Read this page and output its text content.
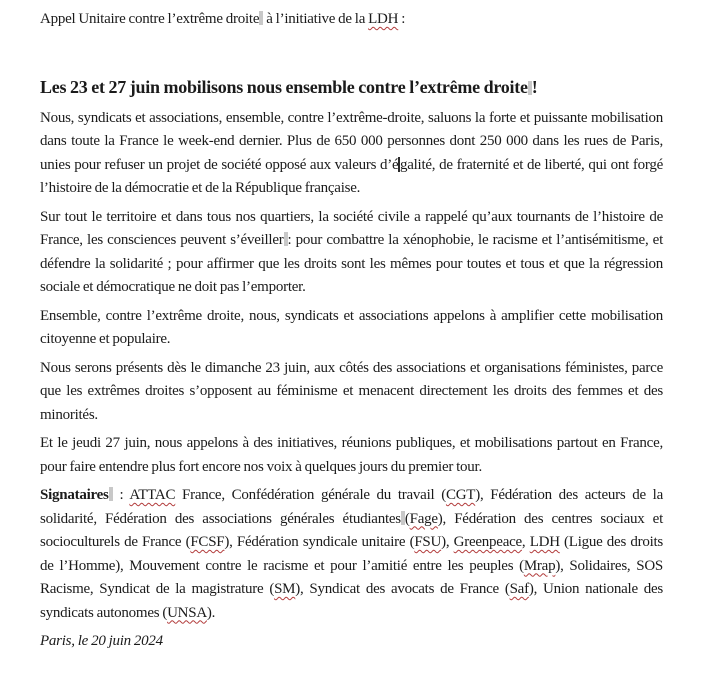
Appel Unitaire contre l’extrême droite à l’initiative de la LDH :

Les 23 et 27 juin mobilisons nous ensemble contre l’extrême droite !

Nous, syndicats et associations, ensemble, contre l’extrême-droite, saluons la forte et puissante mobilisation dans toute la France le week-end dernier. Plus de 650 000 personnes dont 250 000 dans les rues de Paris, unies pour refuser un projet de société opposé aux valeurs d’é galité, de fraternité et de liberté, qui ont forgé l’histoire de la démocratie et de la République française.

Sur tout le territoire et dans tous nos quartiers, la société civile a rappelé qu’aux tournants de l’histoire de France, les consciences peuvent s’éveiller : pour combattre la xénophobie, le racisme et l’antisémitisme, et défendre la solidarité ; pour affirmer que les droits sont les mêmes pour toutes et tous et que la régression sociale et démocratique ne doit pas l’emporter.

Ensemble, contre l’extrême droite, nous, syndicats et associations appelons à amplifier cette mobilisation citoyenne et populaire.

Nous serons présents dès le dimanche 23 juin, aux côtés des associations et organisations féministes, parce que les extrêmes droites s’opposent au féminisme et menacent directement les droits des femmes et des minorités.

Et le jeudi 27 juin, nous appelons à des initiatives, réunions publiques, et mobilisations partout en France, pour faire entendre plus fort encore nos voix à quelques jours du premier tour.

Signataires : ATTAC France, Confédération générale du travail (CGT), Fédération des acteurs de la solidarité, Fédération des associations générales étudiantes (Fage), Fédération des centres sociaux et socioculturels de France (FCSF), Fédération syndicale unitaire (FSU), Greenpeace, LDH (Ligue des droits de l’Homme), Mouvement contre le racisme et pour l’amitié entre les peuples (Mrap), Solidaires, SOS Racisme, Syndicat de la magistrature (SM), Syndicat des avocats de France (Saf), Union nationale des syndicats autonomes (UNSA).

Paris, le 20 juin 2024
